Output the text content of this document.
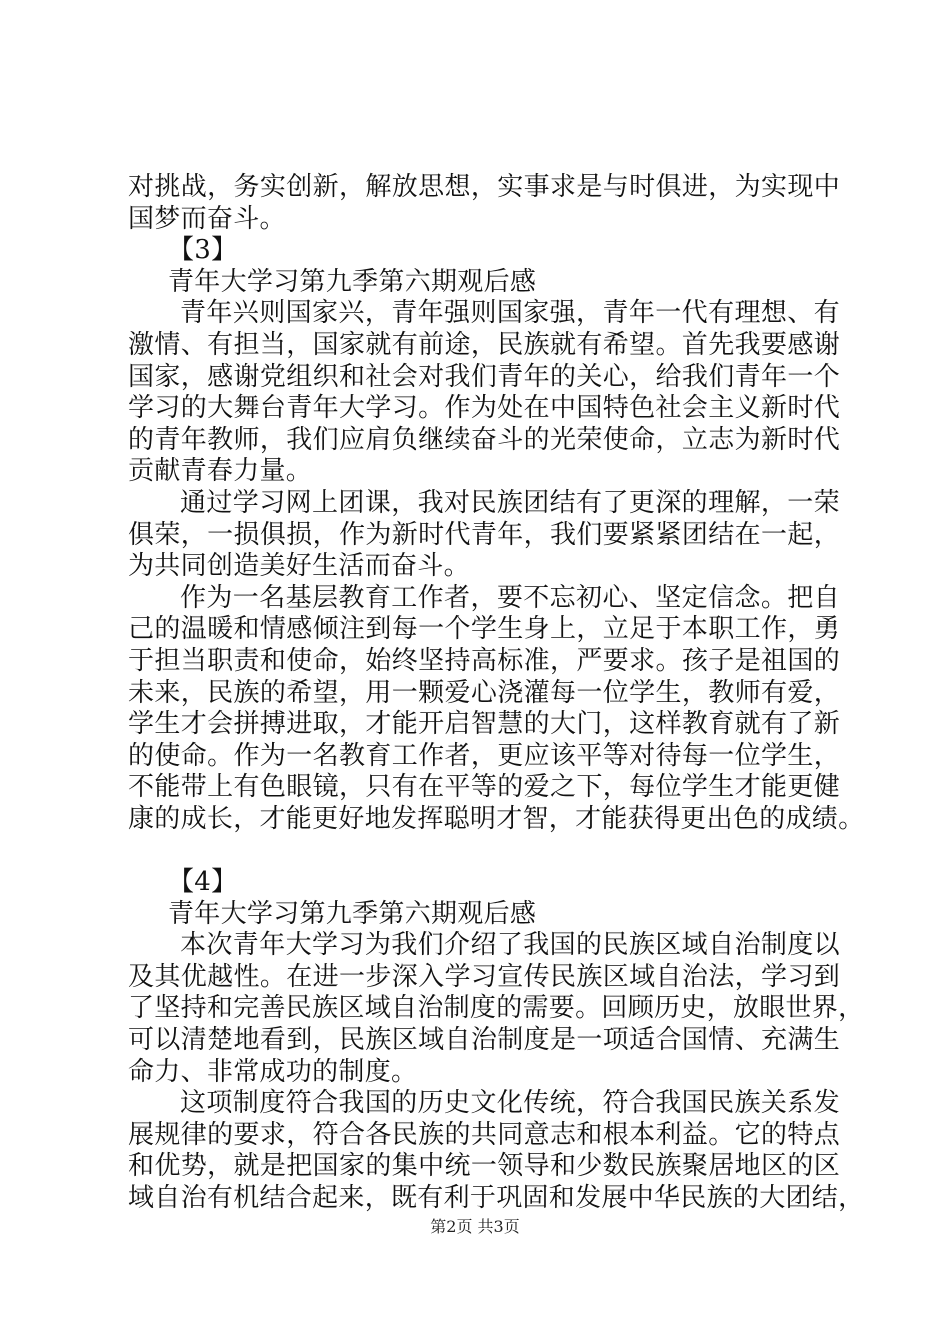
对挑战，务实创新，解放思想，实事求是与时俱进，为实现中
国梦而奋斗。
【3】
青年大学习第九季第六期观后感
青年兴则国家兴，青年强则国家强，青年一代有理想、有
激情、有担当，国家就有前途，民族就有希望。首先我要感谢
国家，感谢党组织和社会对我们青年的关心，给我们青年一个
学习的大舞台青年大学习。作为处在中国特色社会主义新时代
的青年教师，我们应肩负继续奋斗的光荣使命，立志为新时代
贡献青春力量。
通过学习网上团课，我对民族团结有了更深的理解，一荣
俱荣，一损俱损，作为新时代青年，我们要紧紧团结在一起，
为共同创造美好生活而奋斗。
作为一名基层教育工作者，要不忘初心、坚定信念。把自
己的温暖和情感倾注到每一个学生身上，立足于本职工作，勇
于担当职责和使命，始终坚持高标准，严要求。孩子是祖国的
未来，民族的希望，用一颗爱心浇灌每一位学生，教师有爱，
学生才会拼搏进取，才能开启智慧的大门，这样教育就有了新
的使命。作为一名教育工作者，更应该平等对待每一位学生，
不能带上有色眼镜，只有在平等的爱之下，每位学生才能更健
康的成长，才能更好地发挥聪明才智，才能获得更出色的成绩。
【4】
青年大学习第九季第六期观后感
本次青年大学习为我们介绍了我国的民族区域自治制度以
及其优越性。在进一步深入学习宣传民族区域自治法，学习到
了坚持和完善民族区域自治制度的需要。回顾历史，放眼世界，
可以清楚地看到，民族区域自治制度是一项适合国情、充满生
命力、非常成功的制度。
这项制度符合我国的历史文化传统，符合我国民族关系发
展规律的要求，符合各民族的共同意志和根本利益。它的特点
和优势，就是把国家的集中统一领导和少数民族聚居地区的区
域自治有机结合起来，既有利于巩固和发展中华民族的大团结，
第2页 共3页
